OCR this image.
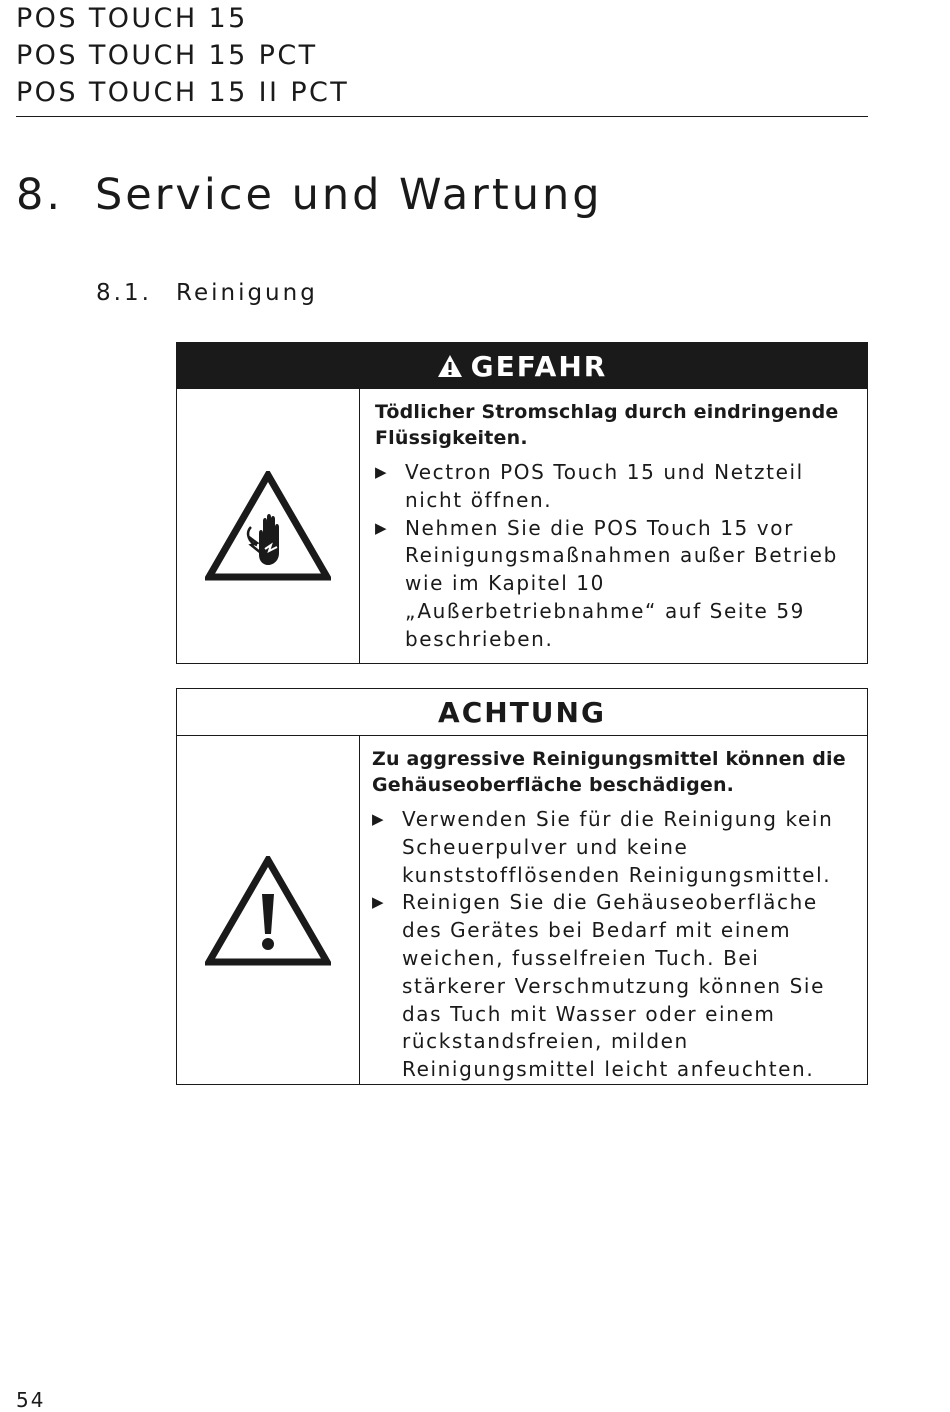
POS TOUCH 15
POS TOUCH 15 PCT
POS TOUCH 15 II PCT
8. Service und Wartung
8.1. Reinigung
GEFAHR
Tödlicher Stromschlag durch eindringende Flüssigkeiten.
▶ Vectron POS Touch 15 und Netzteil nicht öffnen.
▶ Nehmen Sie die POS Touch 15 vor Reinigungsmaßnahmen außer Betrieb wie im Kapitel 10 „Außerbetriebnahme“ auf Seite 59 beschrieben.
ACHTUNG
Zu aggressive Reinigungsmittel können die Gehäuseoberfläche beschädigen.
▶ Verwenden Sie für die Reinigung kein Scheuerpulver und keine kunststofflösenden Reinigungsmittel.
▶ Reinigen Sie die Gehäuseoberfläche des Gerätes bei Bedarf mit einem weichen, fusselfreien Tuch. Bei stärkerer Verschmutzung können Sie das Tuch mit Wasser oder einem rückstandsfreien, milden Reinigungsmittel leicht anfeuchten.
54
